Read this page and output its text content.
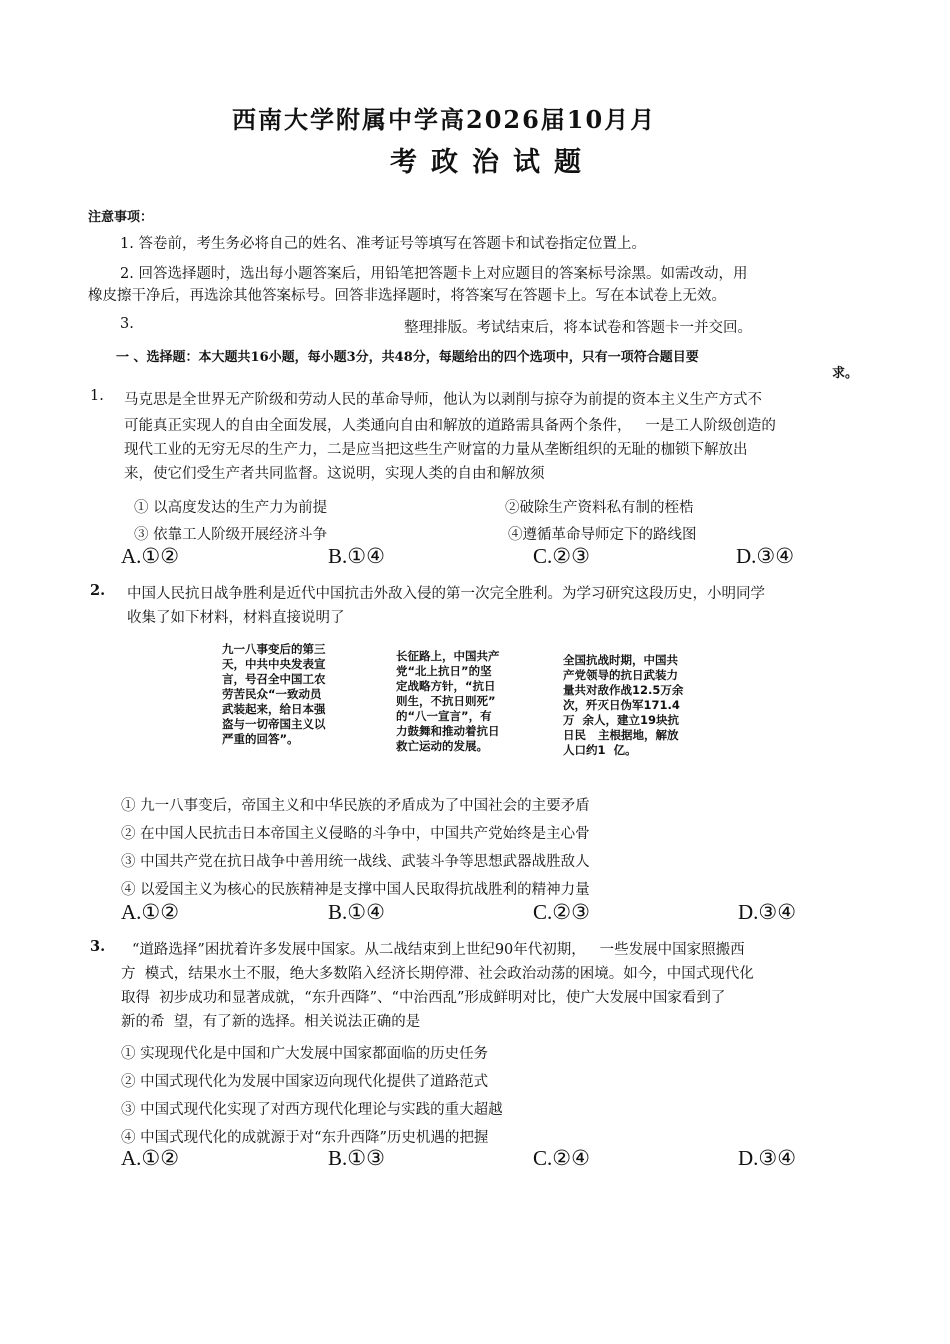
西南大学附属中学高2026届10月月
考政治试题
注意事项：
1. 答卷前，考生务必将自己的姓名、准考证号等填写在答题卡和试卷指定位置上。
2. 回答选择题时，选出每小题答案后，用铅笔把答题卡上对应题目的答案标号涂黑。如需改动，用
橡皮擦干净后，再选涂其他答案标号。回答非选择题时，将答案写在答题卡上。写在本试卷上无效。
3.	整理排版。考试结束后，将本试卷和答题卡一并交回。
一 、选择题：本大题共16小题，每小题3分，共48分，每题给出的四个选项中，只有一项符合题目要
求。
1. 马克思是全世界无产阶级和劳动人民的革命导师，他认为以剥削与掠夺为前提的资本主义生产方式不
可能真正实现人的自由全面发展，人类通向自由和解放的道路需具备两个条件，   一是工人阶级创造的
现代工业的无穷无尽的生产力，二是应当把这些生产财富的力量从垄断组织的无耻的枷锁下解放出
来，使它们受生产者共同监督。这说明，实现人类的自由和解放须
① 以高度发达的生产力为前提	②破除生产资料私有制的桎梏
③ 依靠工人阶级开展经济斗争	④遵循革命导师定下的路线图
A.①②	B.①④	C.②③	D.③④
2. 中国人民抗日战争胜利是近代中国抗击外敌入侵的第一次完全胜利。为学习研究这段历史，小明同学
收集了如下材料，材料直接说明了
九一八事变后的第三
天，中共中央发表宣
言，号召全中国工农
劳苦民众“一致动员
武装起来，给日本强
盗与一切帝国主义以
严重的回答”。
长征路上，中国共产
党“北上抗日”的坚
定战略方针，“抗日
则生，不抗日则死”
的“八一宣言”，有
力鼓舞和推动着抗日
救亡运动的发展。
全国抗战时期，中国共
产党领导的抗日武装力
量共对敌作战12.5万余
次，歼灭日伪军171.4
万  余人，建立19块抗
日民   主根据地，解放
人口约1  亿。
① 九一八事变后，帝国主义和中华民族的矛盾成为了中国社会的主要矛盾
② 在中国人民抗击日本帝国主义侵略的斗争中，中国共产党始终是主心骨
③ 中国共产党在抗日战争中善用统一战线、武装斗争等思想武器战胜敌人
④ 以爱国主义为核心的民族精神是支撑中国人民取得抗战胜利的精神力量
A.①②	B.①④	C.②③	D.③④
3. “道路选择”困扰着许多发展中国家。从二战结束到上世纪90年代初期，   一些发展中国家照搬西
方  模式，结果水土不服，绝大多数陷入经济长期停滞、社会政治动荡的困境。如今，中国式现代化
取得  初步成功和显著成就，“东升西降”、“中治西乱”形成鲜明对比，使广大发展中国家看到了
新的希  望，有了新的选择。相关说法正确的是
① 实现现代化是中国和广大发展中国家都面临的历史任务
② 中国式现代化为发展中国家迈向现代化提供了道路范式
③ 中国式现代化实现了对西方现代化理论与实践的重大超越
④ 中国式现代化的成就源于对“东升西降”历史机遇的把握
A.①②	B.①③	C.②④	D.③④
